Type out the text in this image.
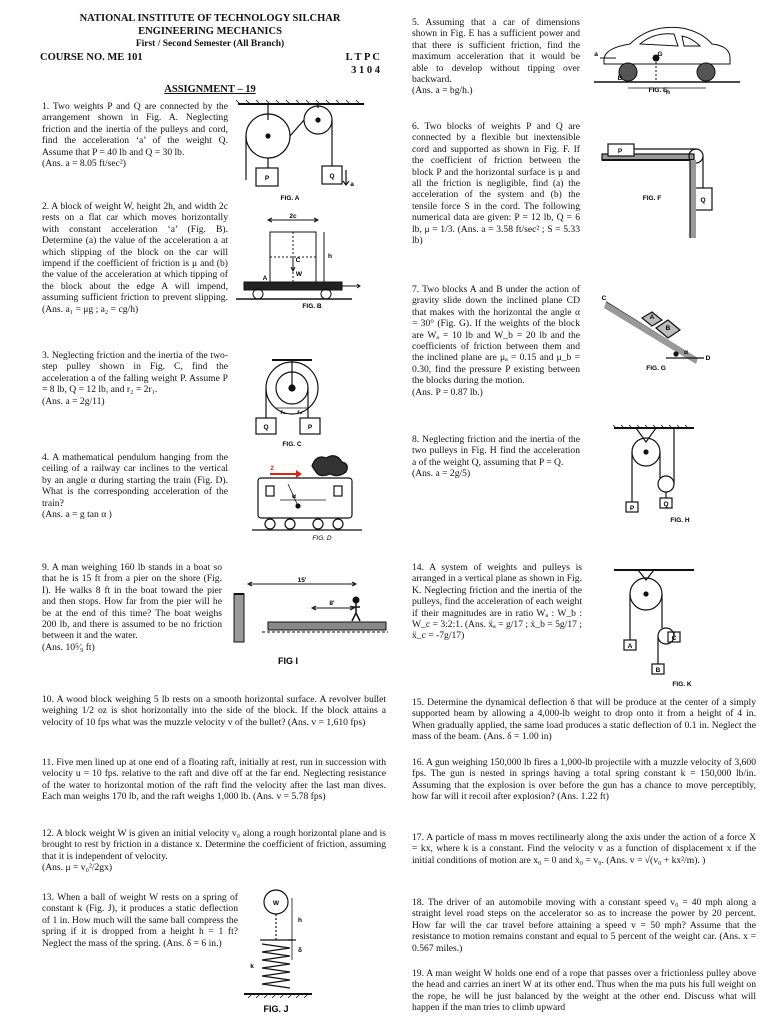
NATIONAL INSTITUTE OF TECHNOLOGY SILCHAR
ENGINEERING MECHANICS
First / Second Semester (All Branch)
COURSE NO. ME 101	L T P C
3 1 0 4
ASSIGNMENT – 19

1. Two weights P and Q are connected by the arrangement shown in Fig. A. Neglecting friction and the inertia of the pulleys and cord, find the acceleration ‘a’ of the weight Q. Assume that P = 40 lb and Q = 30 lb.
(Ans. a = 8.05 ft/sec²)

2. A block of weight W, height 2h, and width 2c rests on a flat car which moves horizontally with constant acceleration ‘a’ (Fig. B). Determine (a) the value of the acceleration a at which slipping of the block on the car will impend if the coefficient of friction is μ and (b) the value of the acceleration at which tipping of the block about the edge A will impend, assuming sufficient friction to prevent slipping. (Ans. a₁ = μg ; a₂ = cg/h)

3. Neglecting friction and the inertia of the two-step pulley shown in Fig. C, find the acceleration a of the falling weight P. Assume P = 8 lb, Q = 12 lb, and r₂ = 2r₁.
(Ans. a = 2g/11)

4. A mathematical pendulum hanging from the ceiling of a railway car inclines to the vertical by an angle α during starting the train (Fig. D). What is the corresponding acceleration of the train?
(Ans. a = g tan α )

9. A man weighing 160 lb stands in a boat so that he is 15 ft from a pier on the shore (Fig. I). He walks 8 ft in the boat toward the pier and then stops. How far from the pier will he be at the end of this time? The boat weighs 200 lb, and there is assumed to be no friction between it and the water.
(Ans. 10⁵⁄₉ ft)

10. A wood block weighing 5 lb rests on a smooth horizontal surface. A revolver bullet weighing 1/2 oz is shot horizontally into the side of the block. If the block attains a velocity of 10 fps what was the muzzle velocity v of the bullet? (Ans. v = 1,610 fps)

11. Five men lined up at one end of a floating raft, initially at rest, run in succession with velocity u = 10 fps. relative to the raft and dive off at the far end. Neglecting resistance of the water to horizontal motion of the raft find the velocity after the last man dives. Each man weighs 170 lb, and the raft weighs 1,000 lb. (Ans. v = 5.78 fps)

12. A block weight W is given an initial velocity v₀ along a rough horizontal plane and is brought to rest by friction in a distance x. Determine the coefficient of friction, assuming that it is independent of velocity.
(Ans. μ = v₀²/2gx)

13. When a ball of weight W rests on a spring of constant k (Fig. J), it produces a static deflection of 1 in. How much will the same ball compress the spring if it is dropped from a height h = 1 ft? Neglect the mass of the spring. (Ans. δ = 6 in.)

5. Assuming that a car of dimensions shown in Fig. E has a sufficient power and that there is sufficient friction, find the maximum acceleration that it would be able to develop without tipping over backward.
(Ans. a = bg/h.)

6. Two blocks of weights P and Q are connected by a flexible but inextensible cord and supported as shown in Fig. F. If the coefficient of friction between the block P and the horizontal surface is μ and all the friction is negligible, find (a) the acceleration of the system and (b) the tensile force S in the cord. The following numerical data are given: P = 12 lb, Q = 6 lb, μ = 1/3. (Ans. a = 3.58 ft/sec² ; S = 5.33 lb)

7. Two blocks A and B under the action of gravity slide down the inclined plane CD that makes with the horizontal the angle α = 30° (Fig. G). If the weights of the block are Wₐ = 10 lb and W_b = 20 lb and the coefficients of friction between them and the inclined plane are μₐ = 0.15 and μ_b = 0.30, find the pressure P existing between the blocks during the motion.
(Ans. P = 0.87 lb.)

8. Neglecting friction and the inertia of the two pulleys in Fig. H find the acceleration a of the weight Q, assuming that P = Q.
(Ans. a = 2g/5)

14. A system of weights and pulleys is arranged in a vertical plane as shown in Fig. K. Neglecting friction and the inertia of the pulleys, find the acceleration of each weight if their magnitudes are in ratio Wₐ : W_b : W_c = 3:2:1. (Ans. ẍₐ = g/17 ; ẍ_b = 5g/17 ; ẍ_c = -7g/17)

15. Determine the dynamical deflection δ that will be produce at the center of a simply supported beam by allowing a 4,000-lb weight to drop onto it from a height of 4 in. When gradually applied, the same load produces a static deflection of 0.1 in. Neglect the mass of the beam. (Ans. δ = 1.00 in)

16. A gun weighing 150,000 lb fires a 1,000-lb projectile with a muzzle velocity of 3,600 fps. The gun is nested in springs having a total spring constant k = 150,000 lb/in. Assuming that the explosion is over before the gun has a chance to move perceptibly, how far will it recoil after explosion? (Ans. 1.22 ft)

17. A particle of mass m moves rectilinearly along the axis under the action of a force X = kx, where k is a constant. Find the velocity v as a function of displacement x if the initial conditions of motion are x₀ = 0 and ẋ₀ = v₀. (Ans. v = √(v₀ + kx²/m). )

18. The driver of an automobile moving with a constant speed v₀ = 40 mph along a straight level road steps on the accelerator so as to increase the power by 20 percent. How far will the car travel before attaining a speed v = 50 mph? Assume that the resistance to motion remains constant and equal to 5 percent of the weight car. (Ans. x = 0.567 miles.)

19. A man weight W holds one end of a rope that passes over a frictionless pulley above the head and carries an inert W at its other end. Thus when the ma puts his full weight on the rope, he will be just balanced by the weight at the other end. Discuss what will happen if the man tries to climb upward

P	Q
a
FIG. A
2c
C
W
h
A
FIG. B
r₁ r₂
Q	P
FIG. C
2
α
FIG. D
B
h
G
a
FIG. E
P
Q
FIG. F
C
A
B
D
α
FIG. G
P
Q
FIG. H
15'
8'
FIG I
W
h
δ
k
FIG. J
A
B
C
FIG. K
